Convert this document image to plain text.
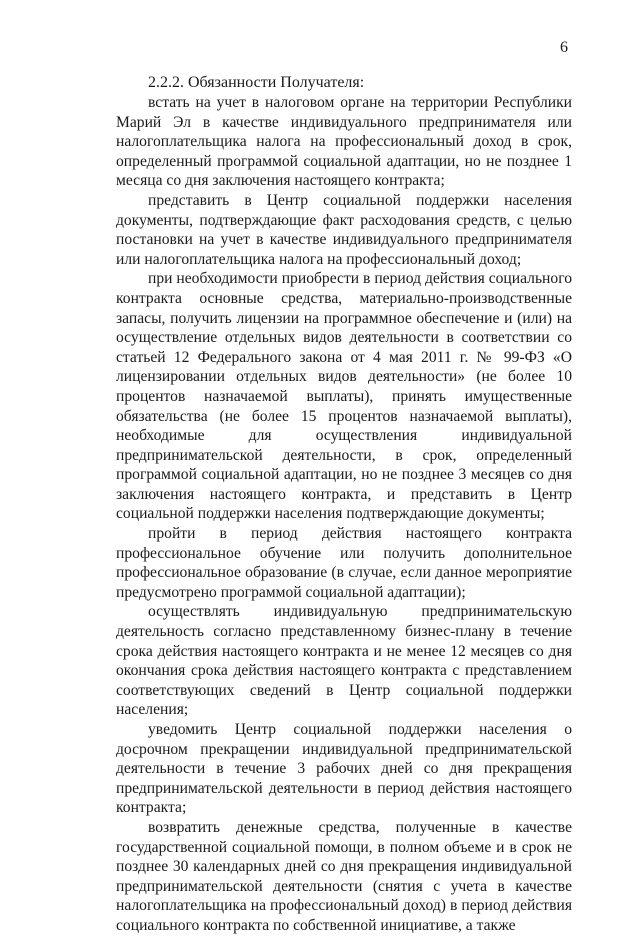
6
2.2.2. Обязанности Получателя:

встать на учет в налоговом органе на территории Республики Марий Эл в качестве индивидуального предпринимателя или налогоплательщика налога на профессиональный доход в срок, определенный программой социальной адаптации, но не позднее 1 месяца со дня заключения настоящего контракта;

представить в Центр социальной поддержки населения документы, подтверждающие факт расходования средств, с целью постановки на учет в качестве индивидуального предпринимателя или налогоплательщика налога на профессиональный доход;

при необходимости приобрести в период действия социального контракта основные средства, материально-производственные запасы, получить лицензии на программное обеспечение и (или) на осуществление отдельных видов деятельности в соответствии со статьей 12 Федерального закона от 4 мая 2011 г. № 99-ФЗ «О лицензировании отдельных видов деятельности» (не более 10 процентов назначаемой выплаты), принять имущественные обязательства (не более 15 процентов назначаемой выплаты), необходимые для осуществления индивидуальной предпринимательской деятельности, в срок, определенный программой социальной адаптации, но не позднее 3 месяцев со дня заключения настоящего контракта, и представить в Центр социальной поддержки населения подтверждающие документы;

пройти в период действия настоящего контракта профессиональное обучение или получить дополнительное профессиональное образование (в случае, если данное мероприятие предусмотрено программой социальной адаптации);

осуществлять индивидуальную предпринимательскую деятельность согласно представленному бизнес-плану в течение срока действия настоящего контракта и не менее 12 месяцев со дня окончания срока действия настоящего контракта с представлением соответствующих сведений в Центр социальной поддержки населения;

уведомить Центр социальной поддержки населения о досрочном прекращении индивидуальной предпринимательской деятельности в течение 3 рабочих дней со дня прекращения предпринимательской деятельности в период действия настоящего контракта;

возвратить денежные средства, полученные в качестве государственной социальной помощи, в полном объеме и в срок не позднее 30 календарных дней со дня прекращения индивидуальной предпринимательской деятельности (снятия с учета в качестве налогоплательщика на профессиональный доход) в период действия социального контракта по собственной инициативе, а также
